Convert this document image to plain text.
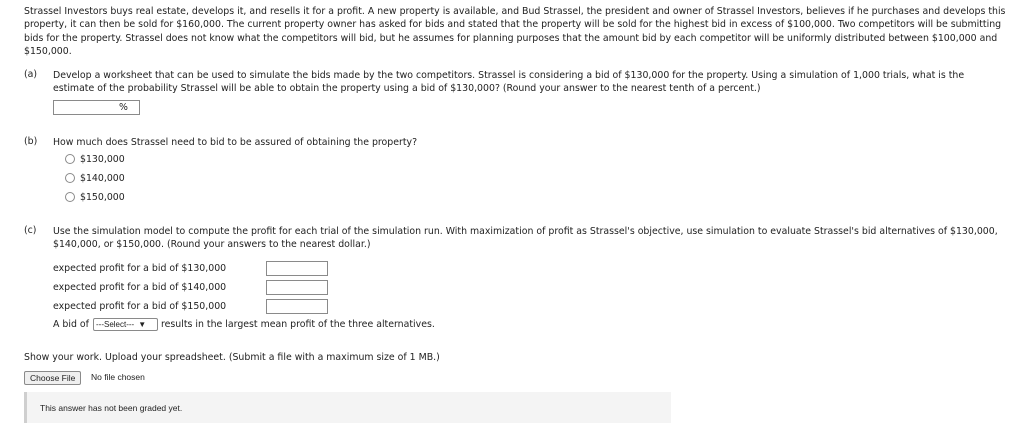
Strassel Investors buys real estate, develops it, and resells it for a profit. A new property is available, and Bud Strassel, the president and owner of Strassel Investors, believes if he purchases and develops this property, it can then be sold for $160,000. The current property owner has asked for bids and stated that the property will be sold for the highest bid in excess of $100,000. Two competitors will be submitting bids for the property. Strassel does not know what the competitors will bid, but he assumes for planning purposes that the amount bid by each competitor will be uniformly distributed between $100,000 and $150,000.
(a) Develop a worksheet that can be used to simulate the bids made by the two competitors. Strassel is considering a bid of $130,000 for the property. Using a simulation of 1,000 trials, what is the estimate of the probability Strassel will be able to obtain the property using a bid of $130,000? (Round your answer to the nearest tenth of a percent.)
%
(b) How much does Strassel need to bid to be assured of obtaining the property?
$130,000
$140,000
$150,000
(c) Use the simulation model to compute the profit for each trial of the simulation run. With maximization of profit as Strassel's objective, use simulation to evaluate Strassel's bid alternatives of $130,000, $140,000, or $150,000. (Round your answers to the nearest dollar.)
expected profit for a bid of $130,000
expected profit for a bid of $140,000
expected profit for a bid of $150,000
A bid of ---Select--- ▼ results in the largest mean profit of the three alternatives.
Show your work. Upload your spreadsheet. (Submit a file with a maximum size of 1 MB.)
Choose File	No file chosen
This answer has not been graded yet.
